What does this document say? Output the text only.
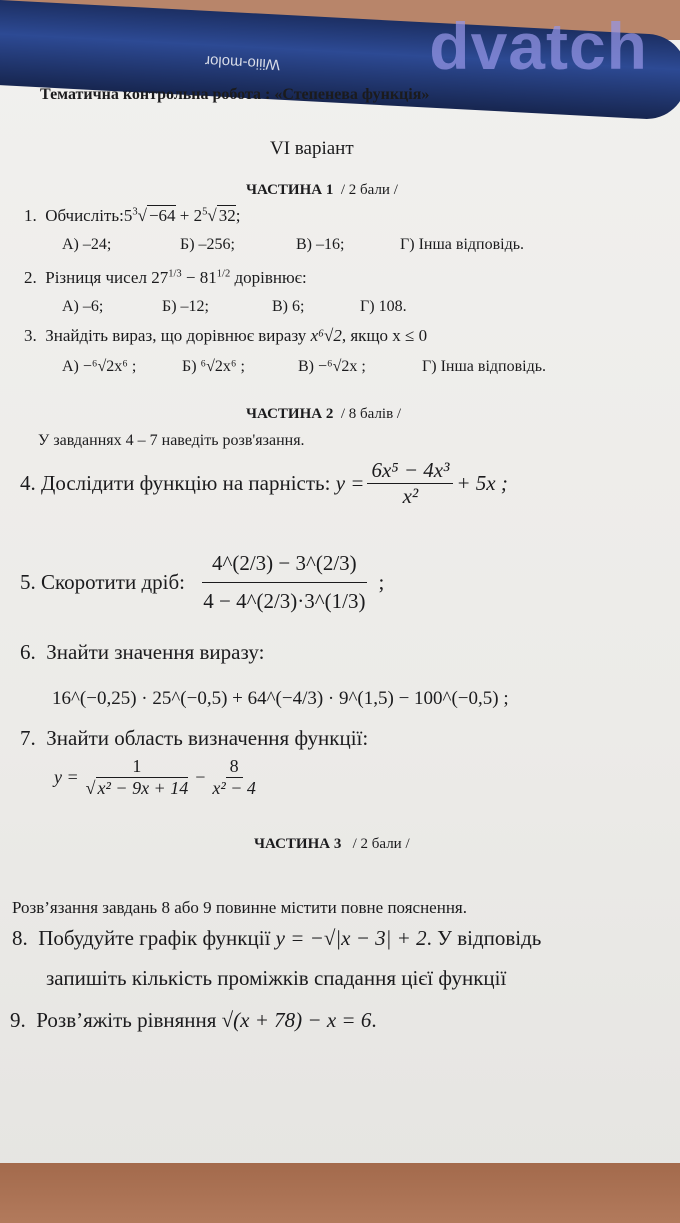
Wiiio-molor dvatch
Тематична контрольна робота : «Степенева функція»
VI варіант
ЧАСТИНА 1 / 2 бали /
1. $Обчисліть:5^3√ -64 + 2^5√$ 32;
А) –24;	Б) –256;	В) –16;	Г) Інша відповідь.
2. Різниця чисел $27^{1/3} - 81^{1/2}$ дорівнює:
А) –6;	Б) –12;	В) 6;	Г) 108.
3. Знайдіть вираз, що дорівнює виразу x⁶√2, якщо x ≤ 0
А) −⁶√2x⁶ ;	Б) ⁶√2x⁶ ;	В) −⁶√2x ;	Г) Інша відповідь.
ЧАСТИНА 2 / 8 балів /
У завданнях 4 – 7 наведіть розв'язання.
4.
Дослідити функцію на парність:
$y = \frac{\text{6x⁵ − 4x³}}{\text{x²}} + 5x$ ;
5.
Скоротити дріб:
$\frac{4\^{}(2/3) - 3\^{}(2/3)}{4 - 4\^{}(2/3)\cdot 3\^{}(1/3)}$ ;
6. Знайти значення виразу:
16^(−0,25) · 25^(−0,5) + 64^(−4/3) · 9^(1,5) − 100^(−0,5) ;
7. Знайти область визначення функції:
$y = \frac{1}{\text{√ x² − 9x + 14}} - \frac{8}{\text{x² − 4}}$
ЧАСТИНА 3 / 2 бали /
Розв’язання завдань 8 або 9 повинне містити повне пояснення.
8. Побудуйте графік функції y = −√|x − 3| + 2. У відповідь
запишіть кількість проміжків спадання цієї функції
9. Розв’яжіть рівняння √(x + 78) − x = 6.
